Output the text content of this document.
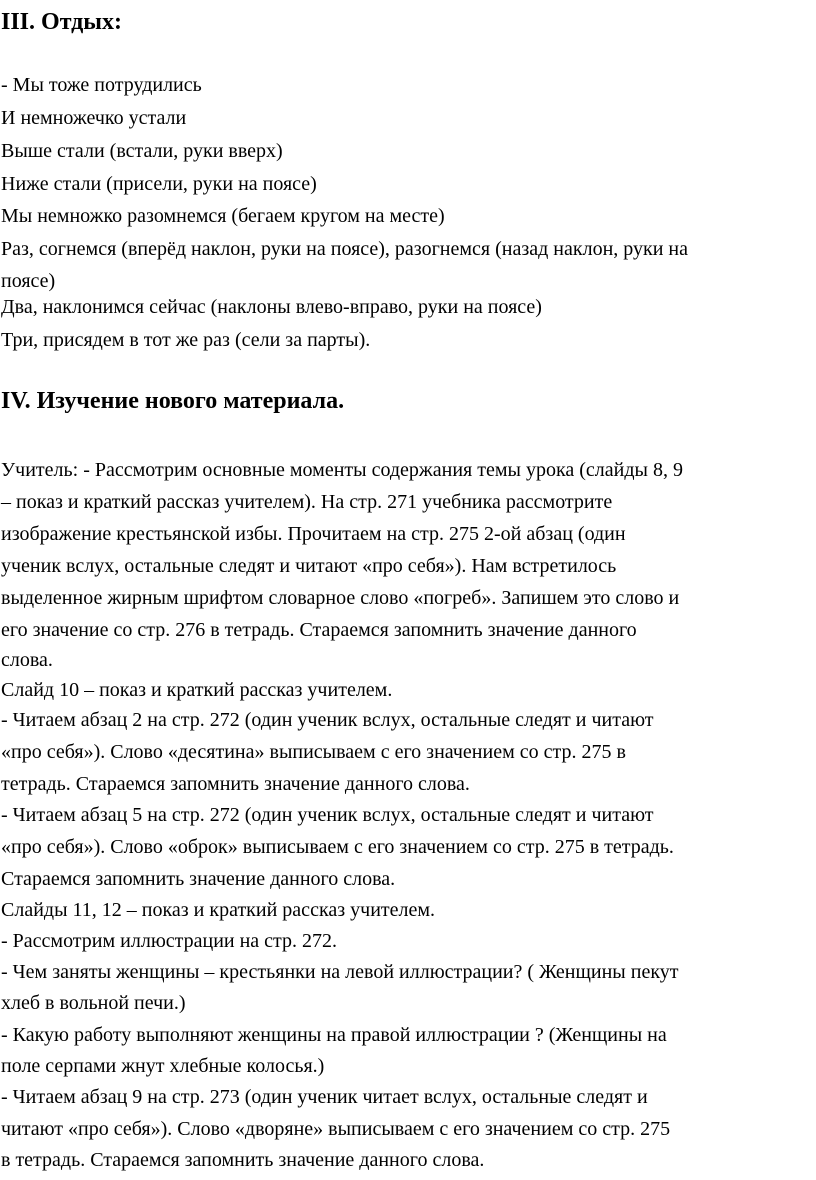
III. Отдых:

- Мы тоже потрудились

И немножечко устали

Выше стали (встали, руки вверх)

Ниже стали (присели, руки на поясе)

Мы немножко разомнемся (бегаем кругом на месте)

Раз, согнемся (вперёд наклон, руки на поясе), разогнемся (назад наклон, руки на

поясе)

Два, наклонимся сейчас (наклоны влево-вправо, руки на поясе)

Три, присядем в тот же раз (сели за парты).

IV. Изучение нового материала.

Учитель: - Рассмотрим основные моменты содержания темы урока (слайды 8, 9

– показ и краткий рассказ учителем). На стр. 271 учебника рассмотрите

изображение крестьянской избы. Прочитаем на стр. 275 2-ой абзац (один

ученик вслух, остальные следят и читают «про себя»). Нам встретилось

выделенное жирным шрифтом словарное слово «погреб». Запишем это слово и

его значение со стр. 276 в тетрадь. Стараемся запомнить значение данного

слова.

Слайд 10 – показ и краткий рассказ учителем.

- Читаем абзац 2 на стр. 272 (один ученик вслух, остальные следят и читают

«про себя»). Слово «десятина» выписываем с его значением со стр. 275 в

тетрадь. Стараемся запомнить значение данного слова.

- Читаем абзац 5 на стр. 272 (один ученик вслух, остальные следят и читают

«про себя»). Слово «оброк» выписываем с его значением со стр. 275 в тетрадь.

Стараемся запомнить значение данного слова.

Слайды 11, 12 – показ и краткий рассказ учителем.

- Рассмотрим иллюстрации на стр. 272.

- Чем заняты женщины – крестьянки на левой иллюстрации? ( Женщины пекут

хлеб в вольной печи.)

- Какую работу выполняют женщины на правой иллюстрации ? (Женщины на

поле серпами жнут хлебные колосья.)

- Читаем абзац 9 на стр. 273 (один ученик читает вслух, остальные следят и

читают «про себя»). Слово «дворяне» выписываем с его значением со стр. 275

в тетрадь. Стараемся запомнить значение данного слова.
